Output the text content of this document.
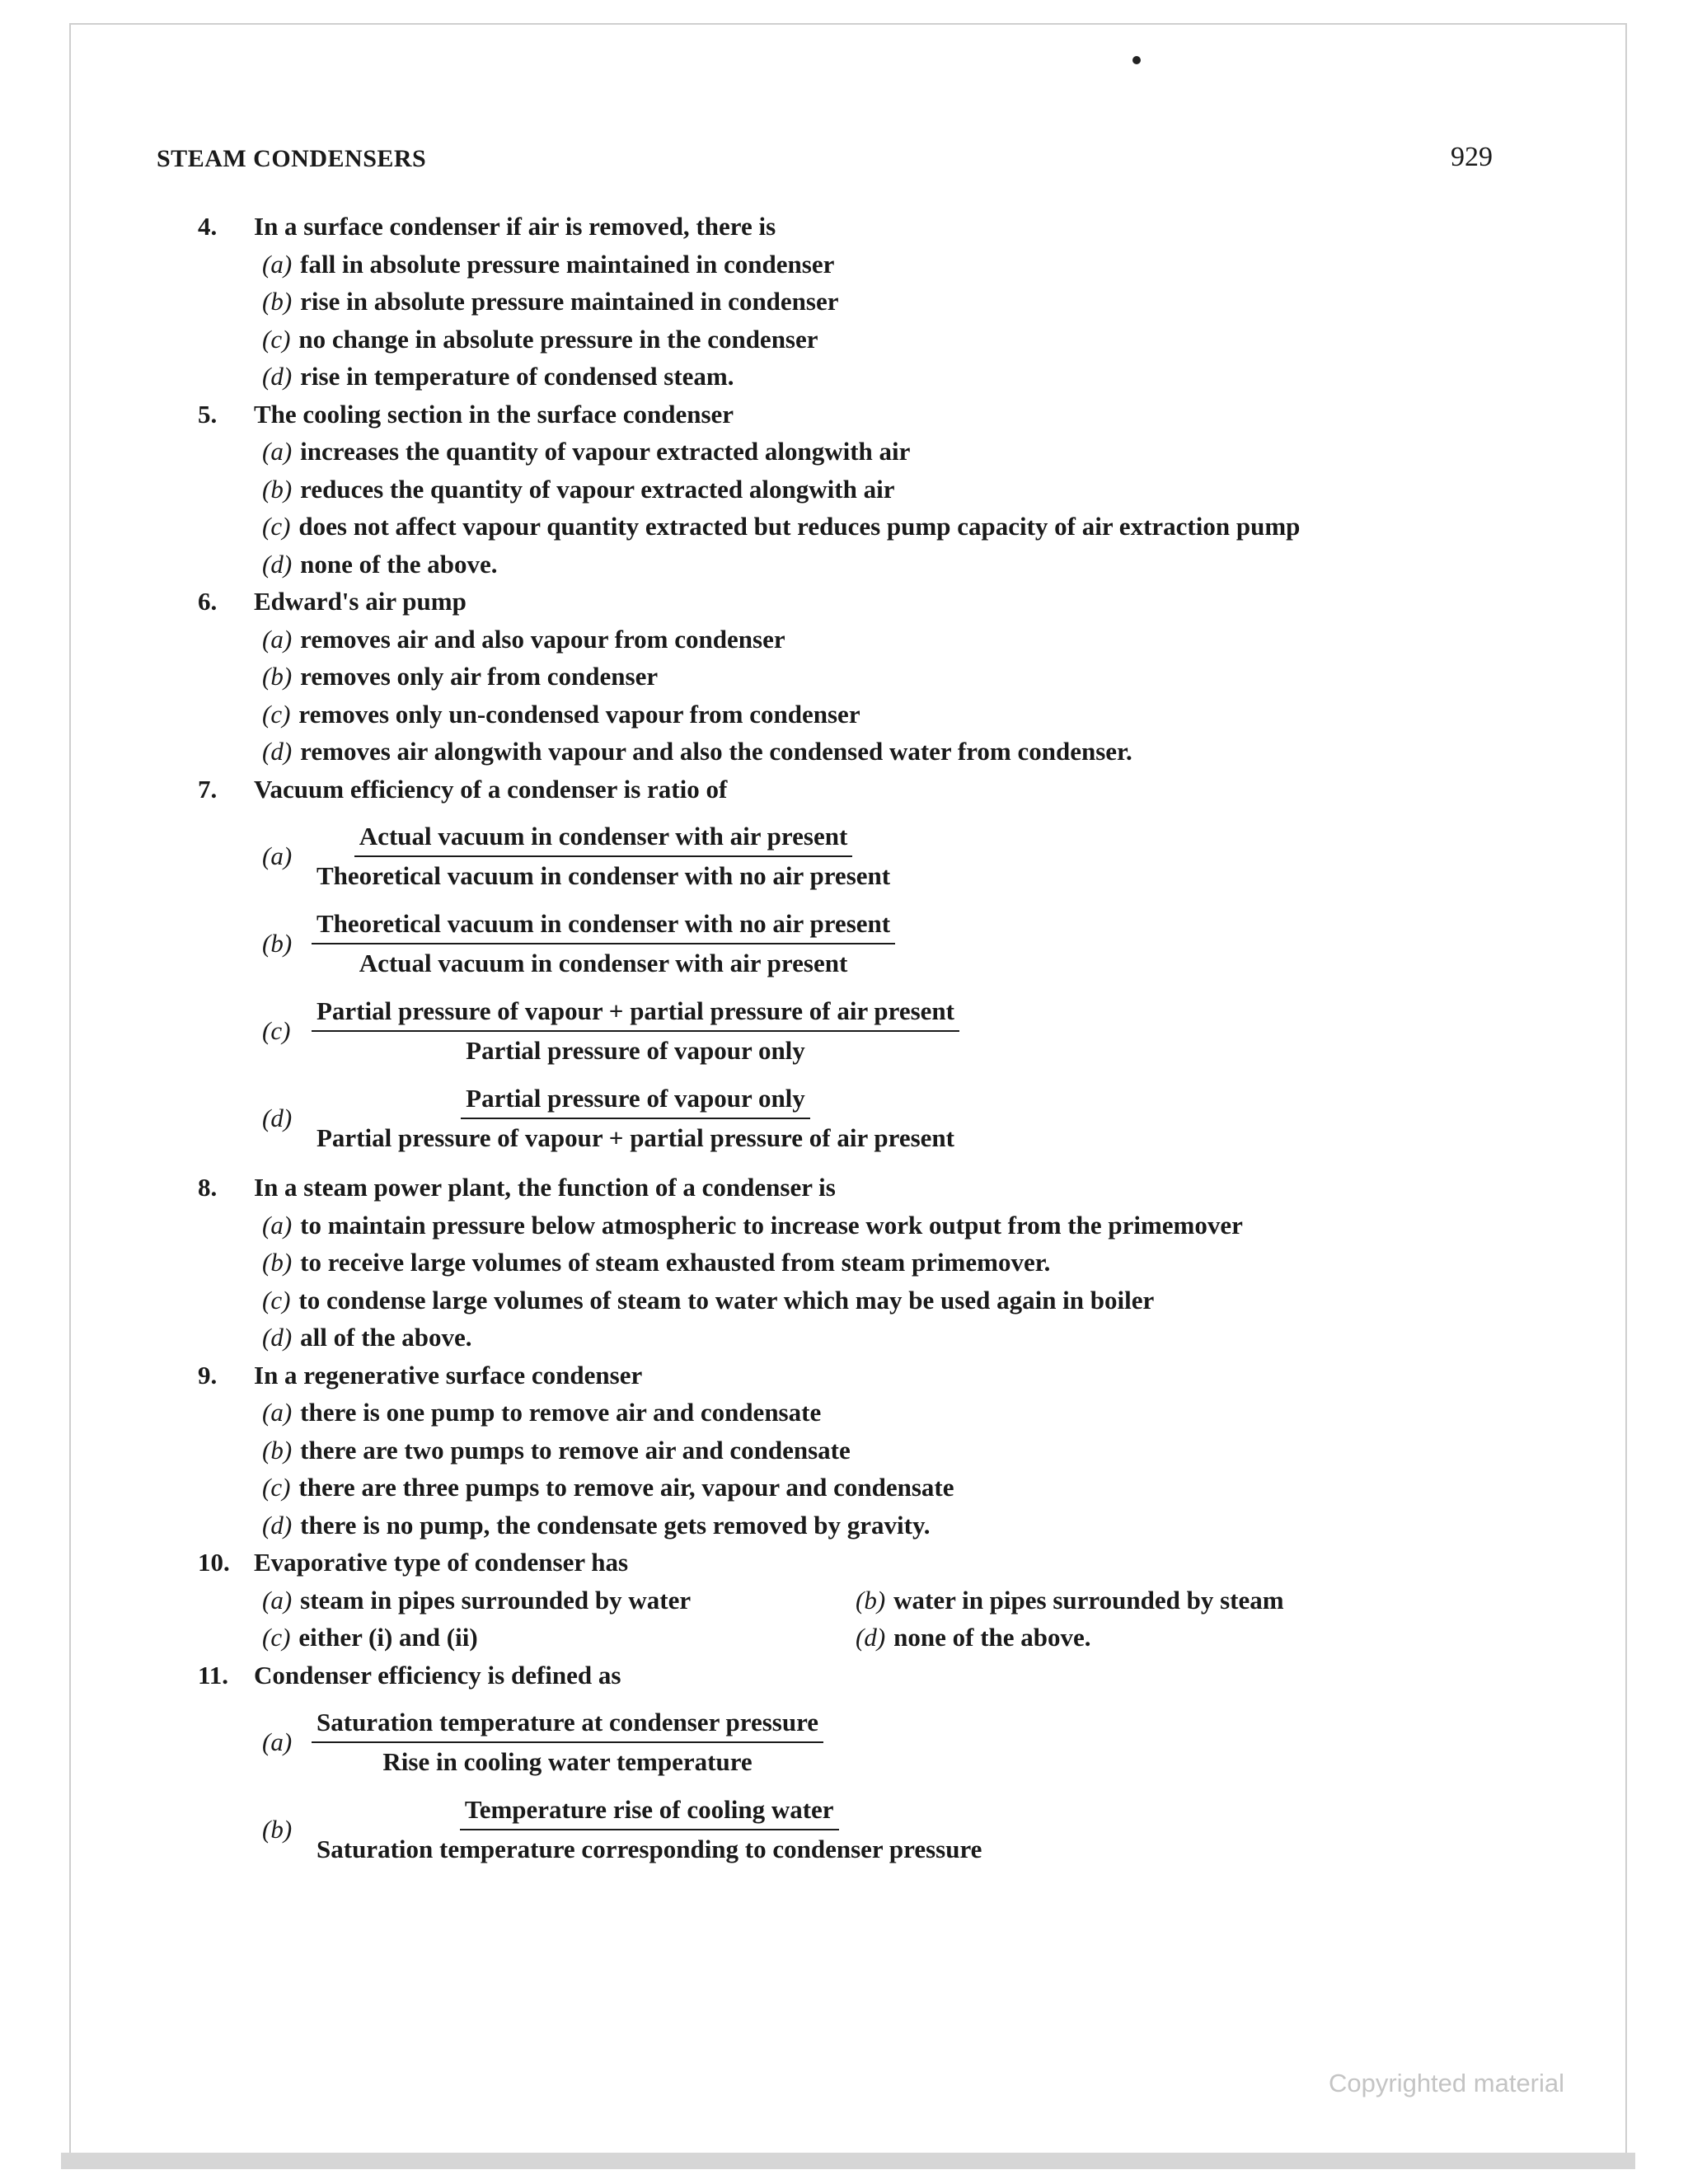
STEAM CONDENSERS	929
4.	In a surface condenser if air is removed, there is
(a) fall in absolute pressure maintained in condenser
(b) rise in absolute pressure maintained in condenser
(c) no change in absolute pressure in the condenser
(d) rise in temperature of condensed steam.
5.	The cooling section in the surface condenser
(a) increases the quantity of vapour extracted alongwith air
(b) reduces the quantity of vapour extracted alongwith air
(c) does not affect vapour quantity extracted but reduces pump capacity of air extraction pump
(d) none of the above.
6.	Edward's air pump
(a) removes air and also vapour from condenser
(b) removes only air from condenser
(c) removes only un-condensed vapour from condenser
(d) removes air alongwith vapour and also the condensed water from condenser.
7.	Vacuum efficiency of a condenser is ratio of
$(a) \frac{\text{Actual vacuum in condenser with air present}}{\text{Theoretical vacuum in condenser with no air present}}$
$(b) \frac{\text{Theoretical vacuum in condenser with no air present}}{\text{Actual vacuum in condenser with air present}}$
$(c) \frac{\text{Partial pressure of vapour + partial pressure of air present}}{\text{Partial pressure of vapour only}}$
$(d) \frac{\text{Partial pressure of vapour only}}{\text{Partial pressure of vapour + partial pressure of air present}}$
8.	In a steam power plant, the function of a condenser is
(a) to maintain pressure below atmospheric to increase work output from the primemover
(b) to receive large volumes of steam exhausted from steam primemover.
(c) to condense large volumes of steam to water which may be used again in boiler
(d) all of the above.
9.	In a regenerative surface condenser
(a) there is one pump to remove air and condensate
(b) there are two pumps to remove air and condensate
(c) there are three pumps to remove air, vapour and condensate
(d) there is no pump, the condensate gets removed by gravity.
10. Evaporative type of condenser has
(a) steam in pipes surrounded by water	(b) water in pipes surrounded by steam
(c) either (i) and (ii)	(d) none of the above.
11. Condenser efficiency is defined as
$(a) \frac{\text{Saturation temperature at condenser pressure}}{\text{Rise in cooling water temperature}}$
$(b) \frac{\text{Temperature rise of cooling water}}{\text{Saturation temperature corresponding to condenser pressure}}$
Copyrighted material
